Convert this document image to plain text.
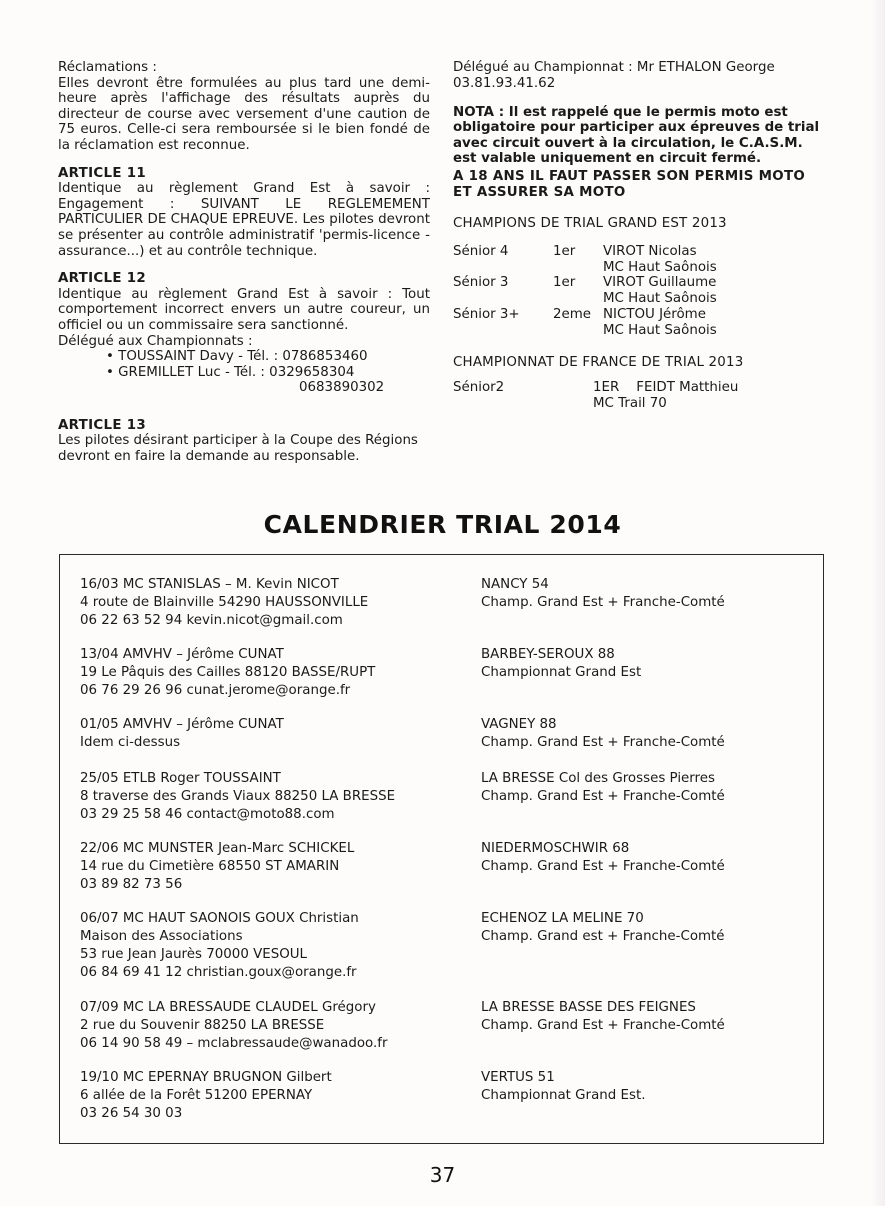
Réclamations :

Elles devront être formulées au plus tard une demi-heure après l'affichage des résultats auprès du directeur de course avec versement d'une caution de 75 euros. Celle-ci sera remboursée si le bien fondé de la réclamation est reconnue.

ARTICLE 11

Identique au règlement Grand Est à savoir : Engagement : SUIVANT LE REGLEMEMENT PARTICULIER DE CHAQUE EPREUVE. Les pilotes devront se présenter au contrôle administratif 'permis-licence - assurance...) et au contrôle technique.

ARTICLE 12

Identique au règlement Grand Est à savoir : Tout comportement incorrect envers un autre coureur, un officiel ou un commissaire sera sanctionné.

Délégué aux Championnats :

• TOUSSAINT Davy - Tél. : 0786853460

• GREMILLET Luc - Tél. : 0329658304

0683890302

ARTICLE 13

Les pilotes désirant participer à la Coupe des Régions devront en faire la demande au responsable.

Délégué au Championnat : Mr ETHALON George

03.81.93.41.62

NOTA : Il est rappelé que le permis moto est obligatoire pour participer aux épreuves de trial avec circuit ouvert à la circulation, le C.A.S.M. est valable uniquement en circuit fermé.

A 18 ANS IL FAUT PASSER SON PERMIS MOTO ET ASSURER SA MOTO

CHAMPIONS DE TRIAL GRAND EST 2013

Sénior 4	1er	VIROT Nicolas
MC Haut Saônois

Sénior 3	1er	VIROT Guillaume
MC Haut Saônois

Sénior 3+	2eme	NICTOU Jérôme
MC Haut Saônois

CHAMPIONNAT DE FRANCE DE TRIAL 2013

Sénior2	1ER    FEIDT Matthieu
MC Trail 70
CALENDRIER TRIAL 2014
16/03 MC STANISLAS – M. Kevin NICOT
4 route de Blainville 54290 HAUSSONVILLE
06 22 63 52 94 kevin.nicot@gmail.com
NANCY 54
Champ. Grand Est + Franche-Comté
13/04 AMVHV – Jérôme CUNAT
19 Le Pâquis des Cailles 88120 BASSE/RUPT
06 76 29 26 96 cunat.jerome@orange.fr
BARBEY-SEROUX 88
Championnat Grand Est
01/05 AMVHV – Jérôme CUNAT
Idem ci-dessus
VAGNEY 88
Champ. Grand Est + Franche-Comté
25/05 ETLB Roger TOUSSAINT
8 traverse des Grands Viaux 88250 LA BRESSE
03 29 25 58 46 contact@moto88.com
LA BRESSE Col des Grosses Pierres
Champ. Grand Est + Franche-Comté
22/06 MC MUNSTER Jean-Marc SCHICKEL
14 rue du Cimetière 68550 ST AMARIN
03 89 82 73 56
NIEDERMOSCHWIR 68
Champ. Grand Est + Franche-Comté
06/07 MC HAUT SAONOIS GOUX Christian
Maison des Associations
53 rue Jean Jaurès 70000 VESOUL
06 84 69 41 12 christian.goux@orange.fr
ECHENOZ LA MELINE 70
Champ. Grand est + Franche-Comté
07/09 MC LA BRESSAUDE CLAUDEL Grégory
2 rue du Souvenir 88250 LA BRESSE
06 14 90 58 49 – mclabressaude@wanadoo.fr
LA BRESSE BASSE DES FEIGNES
Champ. Grand Est + Franche-Comté
19/10 MC EPERNAY BRUGNON Gilbert
6 allée de la Forêt 51200 EPERNAY
03 26 54 30 03
VERTUS 51
Championnat Grand Est.
37
